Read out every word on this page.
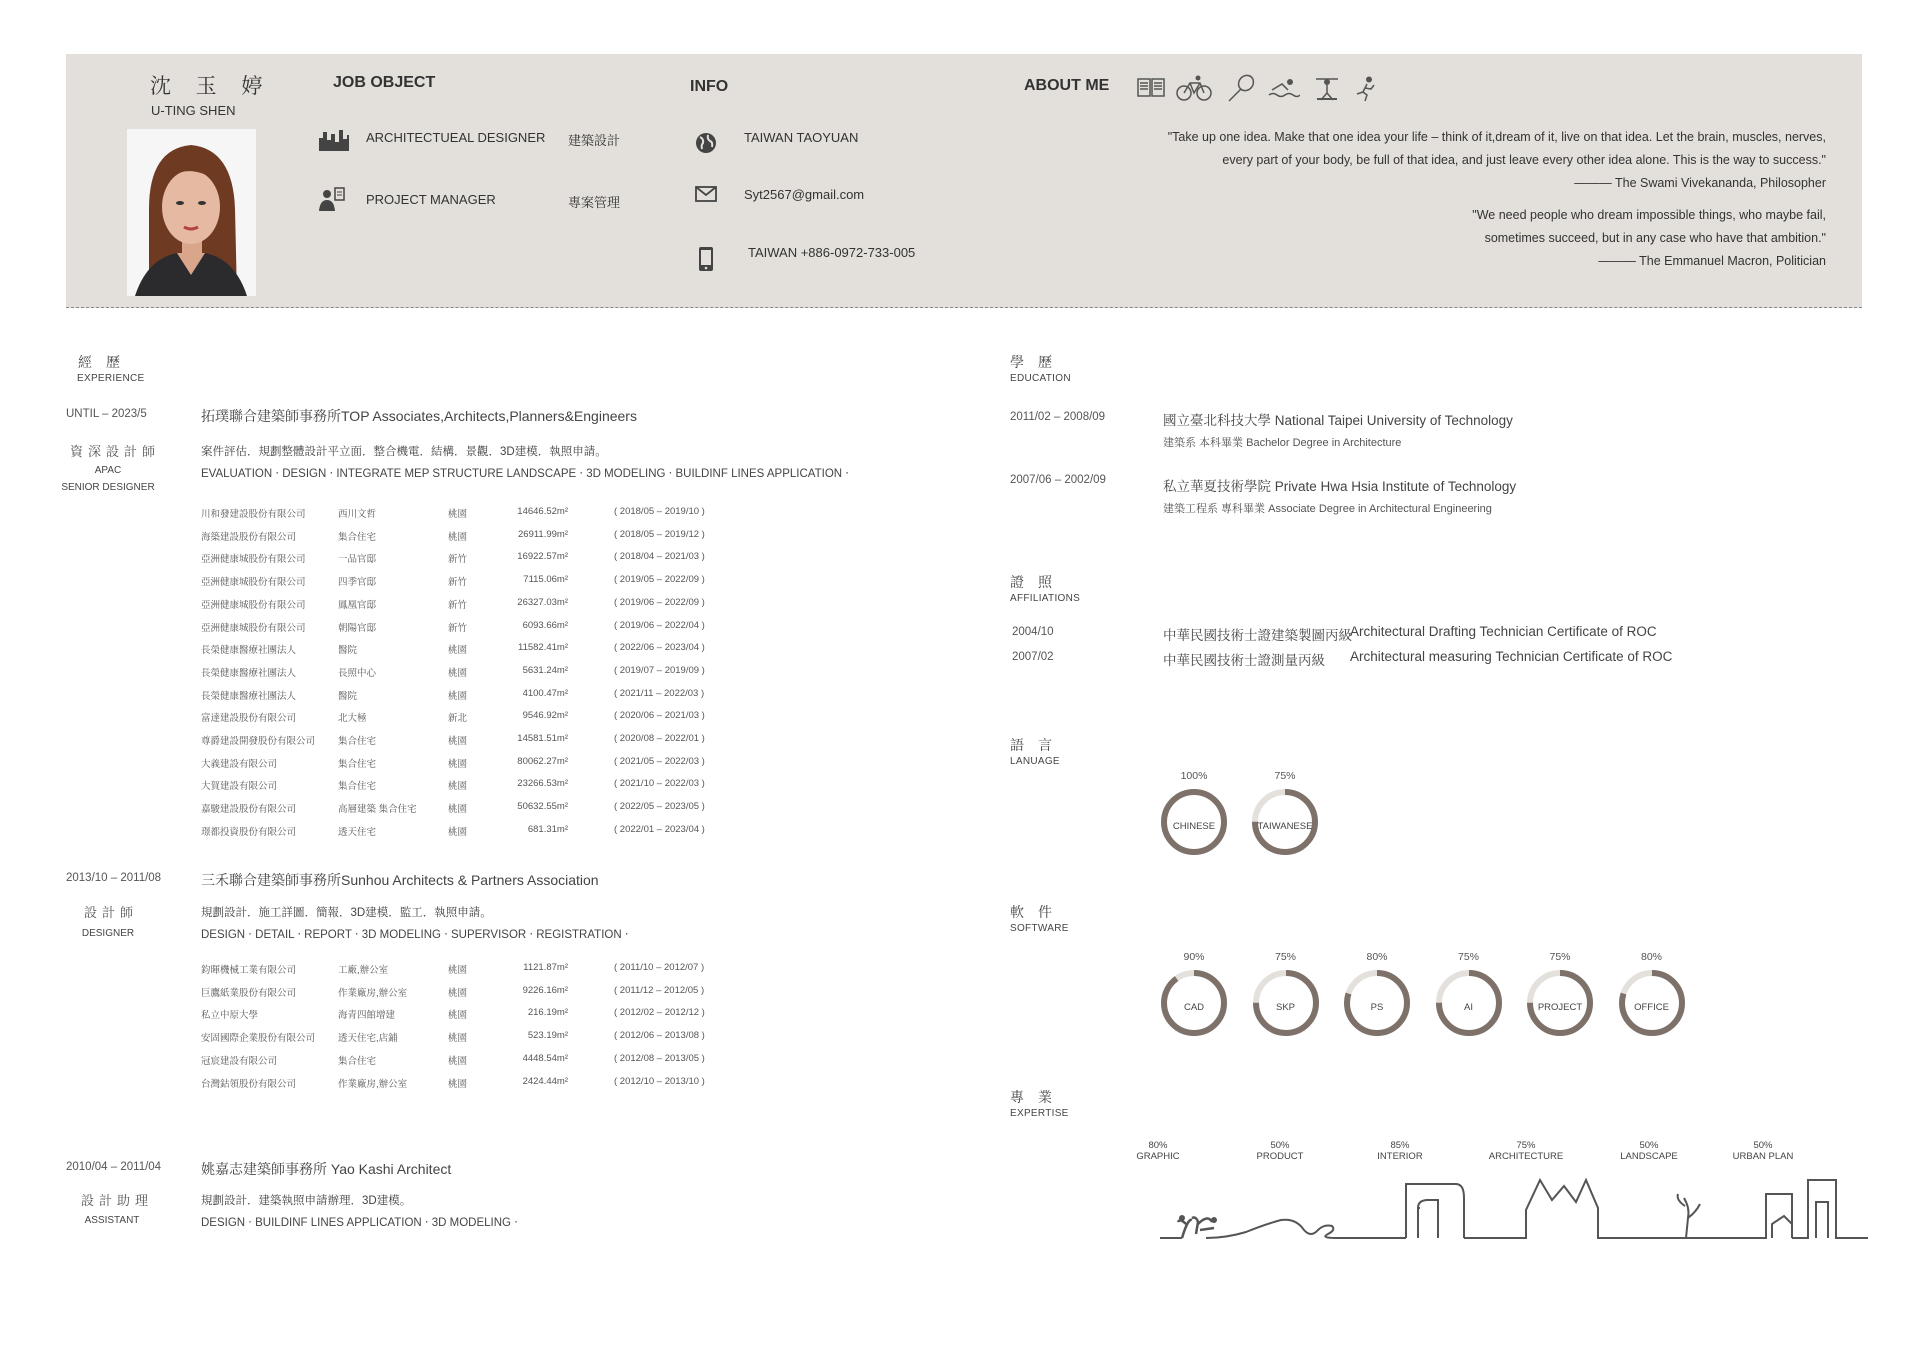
沈 玉 婷
U-TING SHEN
JOB OBJECT
ARCHITECTUEAL DESIGNER 建築設計
PROJECT MANAGER	專案管理
INFO
TAIWAN TAOYUAN
Syt2567@gmail.com
TAIWAN +886-0972-733-005
ABOUT ME
"Take up one idea. Make that one idea your life – think of it,dream of it, live on that idea. Let the brain, muscles, nerves,
every part of your body, be full of that idea, and just leave every other idea alone. This is the way to success."
——— The Swami Vivekananda, Philosopher
"We need people who dream impossible things, who maybe fail,
sometimes succeed, but in any case who have that ambition."
——— The Emmanuel Macron, Politician
經歷
EXPERIENCE
UNTIL – 2023/5	拓璞聯合建築師事務所TOP Associates,Architects,Planners&Engineers
資深設計師
APAC
SENIOR DESIGNER
案件評估．規劃整體設計平立面．整合機電．結構．景觀．3D建模．執照申請。
EVALUATION ‧ DESIGN ‧ INTEGRATE MEP STRUCTURE LANDSCAPE ‧ 3D MODELING ‧ BUILDINF LINES APPLICATION ‧
川和發建設股份有限公司	西川文哲	桃園	14646.52m²	( 2018/05 – 2019/10 )
海築建設股份有限公司	集合住宅	桃園	26911.99m²	( 2018/05 – 2019/12 )
亞洲健康城股份有限公司	一品官邸	新竹	16922.57m²	( 2018/04 – 2021/03 )
亞洲健康城股份有限公司	四季官邸	新竹	7115.06m²	( 2019/05 – 2022/09 )
亞洲健康城股份有限公司	鳳凰官邸	新竹	26327.03m²	( 2019/06 – 2022/09 )
亞洲健康城股份有限公司	朝陽官邸	新竹	6093.66m²	( 2019/06 – 2022/04 )
長榮健康醫療社團法人	醫院	桃園	11582.41m²	( 2022/06 – 2023/04 )
長榮健康醫療社團法人	長照中心	桃園	5631.24m²	( 2019/07 – 2019/09 )
長榮健康醫療社團法人	醫院	桃園	4100.47m²	( 2021/11 – 2022/03 )
富達建設股份有限公司	北大極	新北	9546.92m²	( 2020/06 – 2021/03 )
尊爵建設開發股份有限公司	集合住宅	桃園	14581.51m²	( 2020/08 – 2022/01 )
大義建設有限公司	集合住宅	桃園	80062.27m²	( 2021/05 – 2022/03 )
大賀建設有限公司	集合住宅	桃園	23266.53m²	( 2021/10 – 2022/03 )
嘉駿建設股份有限公司	高層建築 集合住宅	桃園	50632.55m²	( 2022/05 – 2023/05 )
璟都投資股份有限公司	透天住宅	桃園	681.31m²	( 2022/01 – 2023/04 )
2013/10 – 2011/08	三禾聯合建築師事務所Sunhou Architects & Partners Association
設計師
DESIGNER
規劃設計．施工詳圖．簡報．3D建模．監工．執照申請。
DESIGN ‧ DETAIL ‧ REPORT ‧ 3D MODELING ‧ SUPERVISOR ‧ REGISTRATION ‧
鈞暉機械工業有限公司	工廠,辦公室	桃園	1121.87m²	( 2011/10 – 2012/07 )
巨鷹紙業股份有限公司	作業廠房,辦公室	桃園	9226.16m²	( 2011/12 – 2012/05 )
私立中原大學	海青四館增建	桃園	216.19m²	( 2012/02 – 2012/12 )
安固國際企業股份有限公司	透天住宅,店鋪	桃園	523.19m²	( 2012/06 – 2013/08 )
冠宸建設有限公司	集合住宅	桃園	4448.54m²	( 2012/08 – 2013/05 )
台灣鈷領股份有限公司	作業廠房,辦公室	桃園	2424.44m²	( 2012/10 – 2013/10 )
2010/04 – 2011/04	姚嘉志建築師事務所 Yao Kashi Architect
設計助理
ASSISTANT
規劃設計．建築執照申請辦理．3D建模。
DESIGN ‧ BUILDINF LINES APPLICATION ‧ 3D MODELING ‧
學歷
EDUCATION
2011/02 – 2008/09	國立臺北科技大學 National Taipei University of Technology
建築系 本科畢業 Bachelor Degree in Architecture
2007/06 – 2002/09	私立華夏技術學院 Private Hwa Hsia Institute of Technology
建築工程系 專科畢業 Associate Degree in Architectural Engineering
證照
AFFILIATIONS
2004/10	中華民國技術士證建築製圖丙級
Architectural Drafting Technician Certificate of ROC
2007/02	中華民國技術士證測量丙級 Architectural measuring Technician Certificate of ROC
語言
LANUAGE
100%
CHINESE
75%
TAIWANESE
軟件
SOFTWARE
90%
CAD
75%
SKP
80%
PS
75%
AI
75%
PROJECT
80%
OFFICE
專業
EXPERTISE
80%
GRAPHIC
50%
PRODUCT
85%
INTERIOR
75%
ARCHITECTURE
50%
LANDSCAPE
50%
URBAN PLAN
